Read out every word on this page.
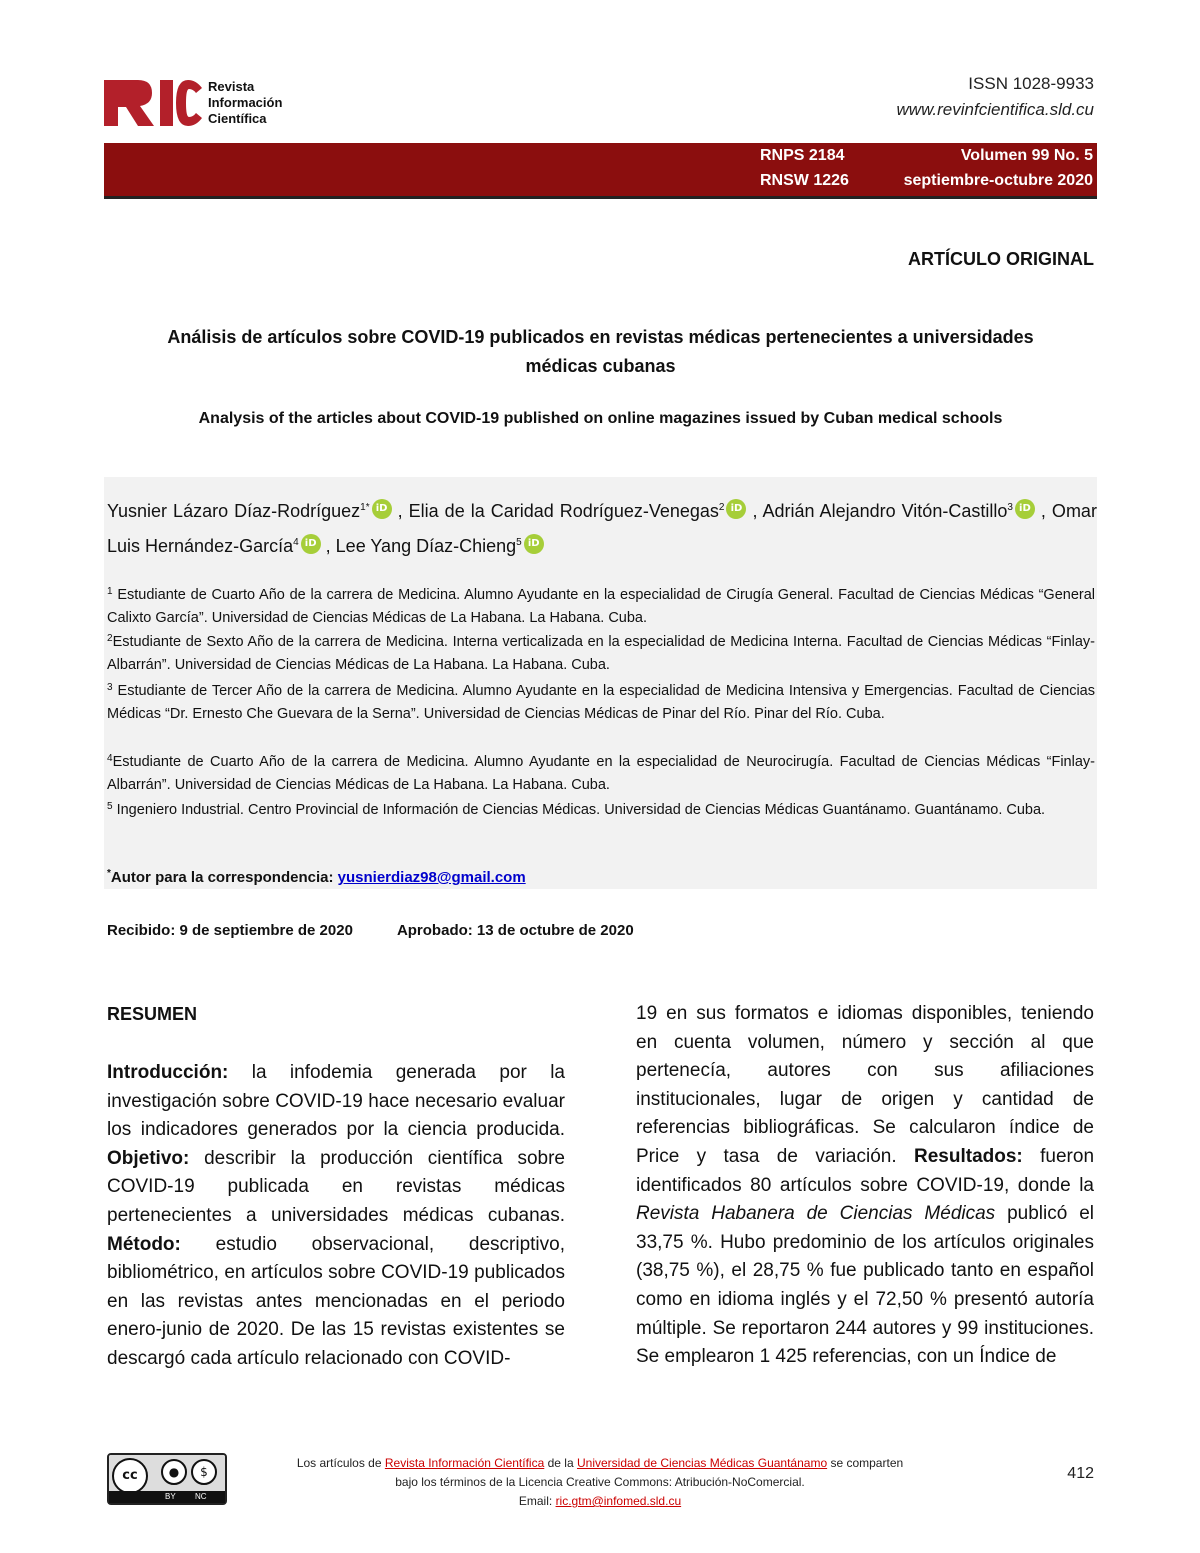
Revista
Información
Científica
ISSN 1028-9933
www.revinfcientifica.sld.cu
RNPS 2184	Volumen 99 No. 5
RNSW 1226	septiembre-octubre 2020
ARTÍCULO ORIGINAL
Análisis de artículos sobre COVID-19 publicados en revistas médicas pertenecientes a universidades
médicas cubanas
Analysis of the articles about COVID-19 published on online magazines issued by Cuban medical schools
Yusnier Lázaro Díaz-Rodríguez$^{1*}$ iD , Elia de la Caridad Rodríguez-Venegas$^2$ iD , Adrián Alejandro Vitón-Castillo$^3$ iD , Omar Luis Hernández-García$^4$ iD , Lee Yang Díaz-Chieng$^5$ iD
$^1$ Estudiante de Cuarto Año de la carrera de Medicina. Alumno Ayudante en la especialidad de Cirugía General. Facultad de Ciencias Médicas “General Calixto García”. Universidad de Ciencias Médicas de La Habana. La Habana. Cuba.
$^2$Estudiante de Sexto Año de la carrera de Medicina. Interna verticalizada en la especialidad de Medicina Interna. Facultad de Ciencias Médicas “Finlay-Albarrán”. Universidad de Ciencias Médicas de La Habana. La Habana. Cuba.
$^3$ Estudiante de Tercer Año de la carrera de Medicina. Alumno Ayudante en la especialidad de Medicina Intensiva y Emergencias. Facultad de Ciencias Médicas “Dr. Ernesto Che Guevara de la Serna”. Universidad de Ciencias Médicas de Pinar del Río. Pinar del Río. Cuba.
$^4$Estudiante de Cuarto Año de la carrera de Medicina. Alumno Ayudante en la especialidad de Neurocirugía. Facultad de Ciencias Médicas “Finlay-Albarrán”. Universidad de Ciencias Médicas de La Habana. La Habana. Cuba.
$^5$ Ingeniero Industrial. Centro Provincial de Información de Ciencias Médicas. Universidad de Ciencias Médicas Guantánamo. Guantánamo. Cuba.
*Autor para la correspondencia: yusnierdiaz98@gmail.com
Recibido: 9 de septiembre de 2020	Aprobado: 13 de octubre de 2020
RESUMEN
Introducción: la infodemia generada por la investigación sobre COVID-19 hace necesario evaluar los indicadores generados por la ciencia producida. Objetivo: describir la producción científica sobre COVID-19 publicada en revistas médicas pertenecientes a universidades médicas cubanas. Método: estudio observacional, descriptivo, bibliométrico, en artículos sobre COVID-19 publicados en las revistas antes mencionadas en el periodo enero-junio de 2020. De las 15 revistas existentes se descargó cada artículo relacionado con COVID-
19 en sus formatos e idiomas disponibles, teniendo en cuenta volumen, número y sección al que pertenecía, autores con sus afiliaciones institucionales, lugar de origen y cantidad de referencias bibliográficas. Se calcularon índice de Price y tasa de variación. Resultados: fueron identificados 80 artículos sobre COVID-19, donde la Revista Habanera de Ciencias Médicas publicó el 33,75 %. Hubo predominio de los artículos originales (38,75 %), el 28,75 % fue publicado tanto en español como en idioma inglés y el 72,50 % presentó autoría múltiple. Se reportaron 244 autores y 99 instituciones. Se emplearon 1 425 referencias, con un Índice de
cc	●	$
BY NC
Los artículos de Revista Información Científica de la Universidad de Ciencias Médicas Guantánamo se comparten
bajo los términos de la Licencia Creative Commons: Atribución-NoComercial.
Email: ric.gtm@infomed.sld.cu
412
